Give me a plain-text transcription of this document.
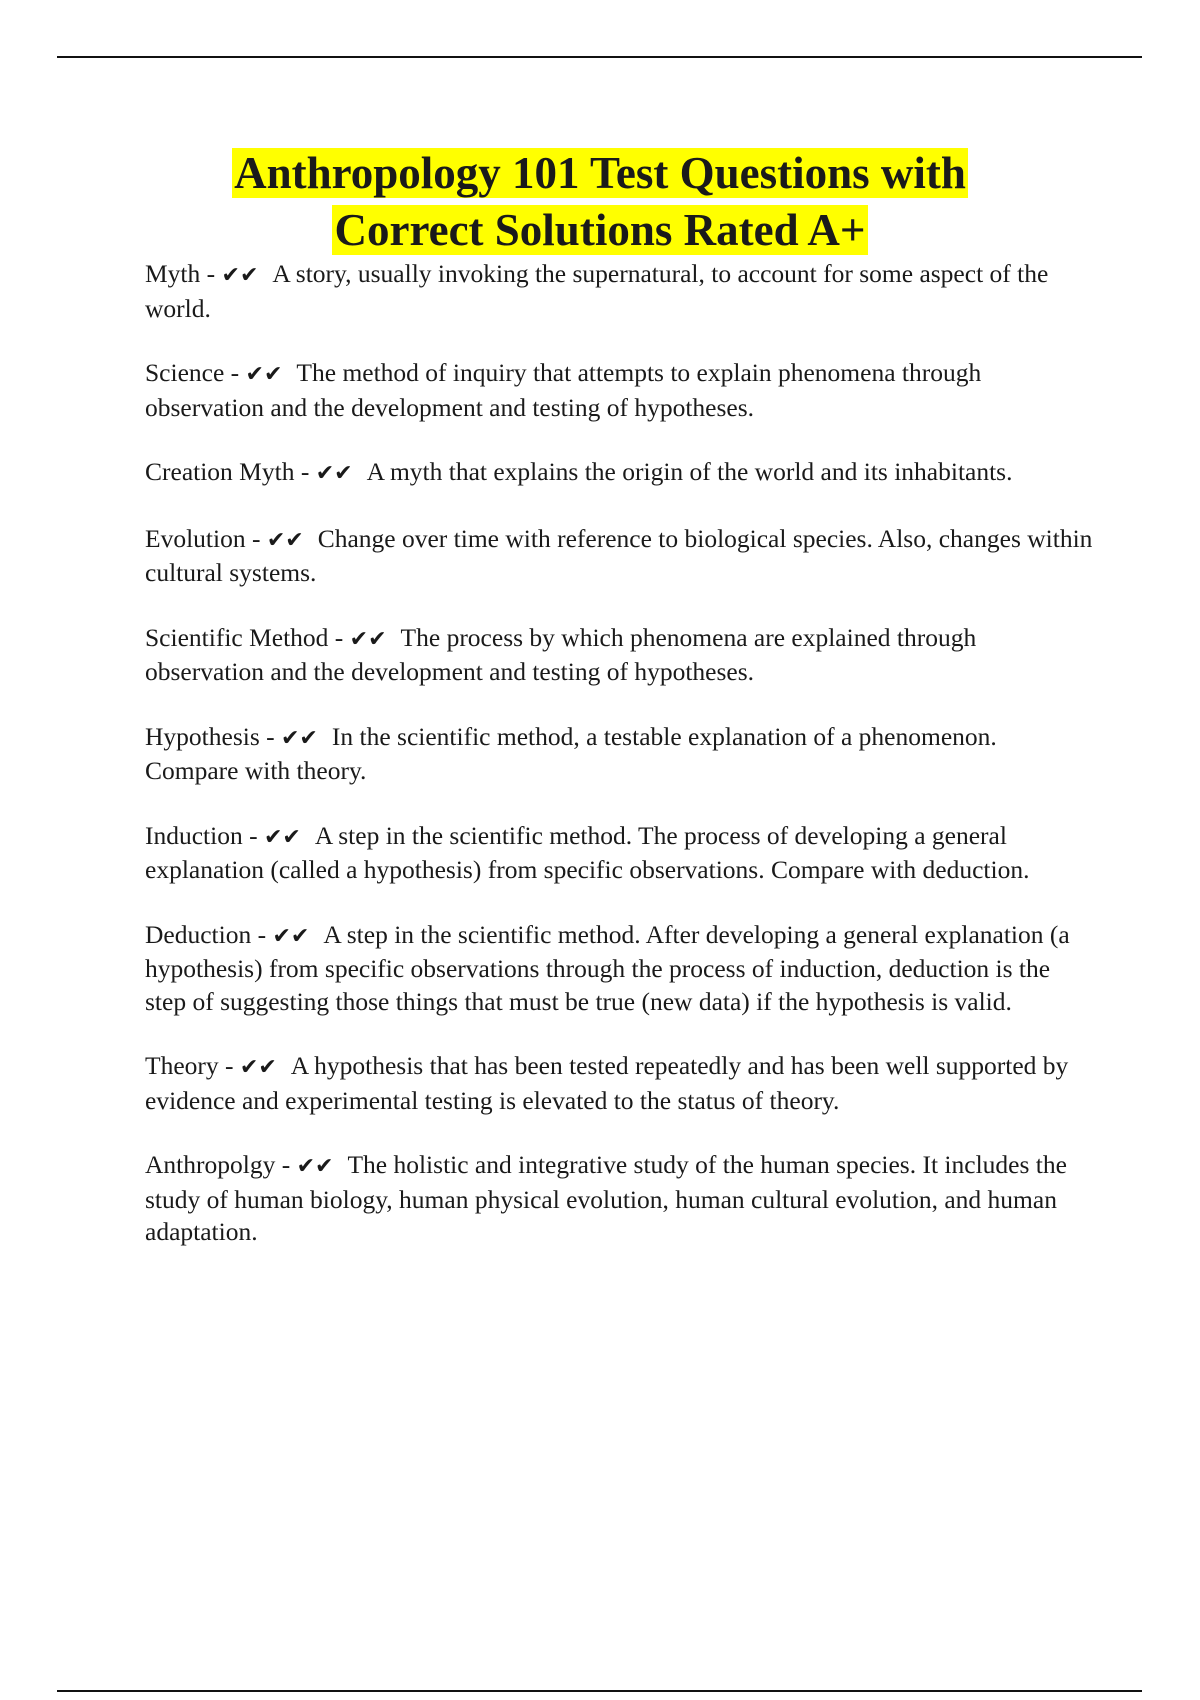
Anthropology 101 Test Questions with
Correct Solutions Rated A+

Myth - ✔✔ A story, usually invoking the supernatural, to account for some aspect of the world.

Science - ✔✔ The method of inquiry that attempts to explain phenomena through observation and the development and testing of hypotheses.

Creation Myth - ✔✔ A myth that explains the origin of the world and its inhabitants.

Evolution - ✔✔ Change over time with reference to biological species. Also, changes within cultural systems.

Scientific Method - ✔✔ The process by which phenomena are explained through observation and the development and testing of hypotheses.

Hypothesis - ✔✔ In the scientific method, a testable explanation of a phenomenon. Compare with theory.

Induction - ✔✔ A step in the scientific method. The process of developing a general explanation (called a hypothesis) from specific observations. Compare with deduction.

Deduction - ✔✔ A step in the scientific method. After developing a general explanation (a hypothesis) from specific observations through the process of induction, deduction is the step of suggesting those things that must be true (new data) if the hypothesis is valid.

Theory - ✔✔ A hypothesis that has been tested repeatedly and has been well supported by evidence and experimental testing is elevated to the status of theory.

Anthropolgy - ✔✔ The holistic and integrative study of the human species. It includes the study of human biology, human physical evolution, human cultural evolution, and human adaptation.
